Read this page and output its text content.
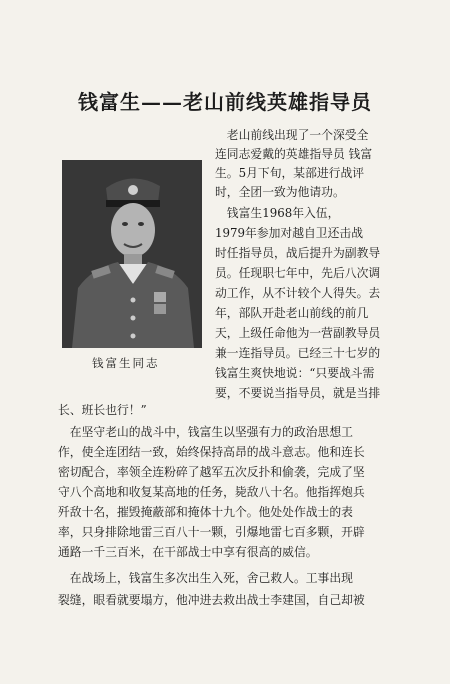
钱富生——老山前线英雄指导员
钱富生同志
　老山前线出现了一个深受全
连同志爱戴的英雄指导员 钱富
生。5月下旬，某部进行战评
时，全团一致为他请功。
　钱富生1968年入伍，
1979年参加对越自卫还击战
时任指导员，战后提升为副教导
员。任现职七年中，先后八次调
动工作，从不计较个人得失。去
年，部队开赴老山前线的前几
天，上级任命他为一营副教导员
兼一连指导员。已经三十七岁的
钱富生爽快地说：“只要战斗需
要，不要说当指导员，就是当排
长、班长也行！”
　在坚守老山的战斗中，钱富生以坚强有力的政治思想工
作，使全连团结一致，始终保持高昂的战斗意志。他和连长
密切配合，率领全连粉碎了越军五次反扑和偷袭，完成了坚
守八个高地和收复某高地的任务，毙敌八十名。他指挥炮兵
歼敌十名，摧毁掩蔽部和掩体十九个。他处处作战士的表
率，只身排除地雷三百八十一颗，引爆地雷七百多颗，开辟
通路一千三百米，在干部战士中享有很高的威信。
　在战场上，钱富生多次出生入死，舍己救人。工事出现
裂缝，眼看就要塌方，他冲进去救出战士李建国，自己却被
